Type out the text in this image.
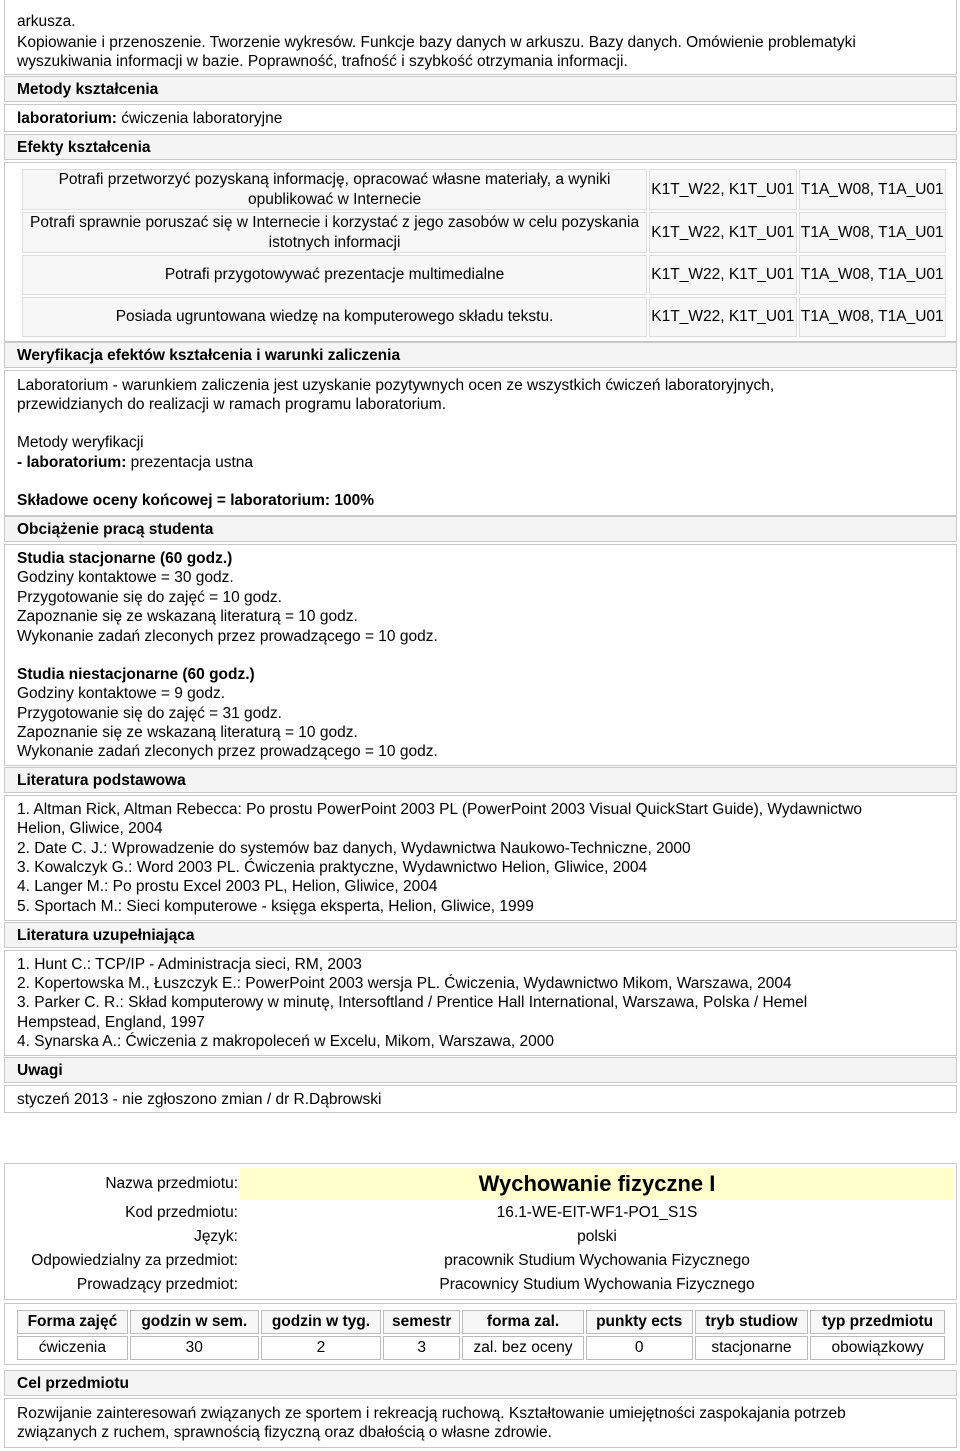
arkusza.
Kopiowanie i przenoszenie. Tworzenie wykresów. Funkcje bazy danych w arkuszu. Bazy danych. Omówienie problematyki
wyszukiwania informacji w bazie. Poprawność, trafność i szybkość otrzymania informacji.
Metody kształcenia
laboratorium: ćwiczenia laboratoryjne
Efekty kształcenia
Potrafi przetworzyć pozyskaną informację, opracować własne materiały, a wyniki opublikować w Internecie	K1T_W22, K1T_U01	T1A_W08, T1A_U01
Potrafi sprawnie poruszać się w Internecie i korzystać z jego zasobów w celu pozyskania istotnych informacji	K1T_W22, K1T_U01	T1A_W08, T1A_U01
Potrafi przygotowywać prezentacje multimedialne	K1T_W22, K1T_U01	T1A_W08, T1A_U01
Posiada ugruntowana wiedzę na komputerowego składu tekstu.	K1T_W22, K1T_U01	T1A_W08, T1A_U01
Weryfikacja efektów kształcenia i warunki zaliczenia
Laboratorium - warunkiem zaliczenia jest uzyskanie pozytywnych ocen ze wszystkich ćwiczeń laboratoryjnych,
przewidzianych do realizacji w ramach programu laboratorium.
Metody weryfikacji
- laboratorium: prezentacja ustna
Składowe oceny końcowej = laboratorium: 100%
Obciążenie pracą studenta
Studia stacjonarne (60 godz.)
Godziny kontaktowe = 30 godz.
Przygotowanie się do zajęć = 10 godz.
Zapoznanie się ze wskazaną literaturą = 10 godz.
Wykonanie zadań zleconych przez prowadzącego = 10 godz.
Studia niestacjonarne (60 godz.)
Godziny kontaktowe = 9 godz.
Przygotowanie się do zajęć = 31 godz.
Zapoznanie się ze wskazaną literaturą = 10 godz.
Wykonanie zadań zleconych przez prowadzącego = 10 godz.
Literatura podstawowa
1. Altman Rick, Altman Rebecca: Po prostu PowerPoint 2003 PL (PowerPoint 2003 Visual QuickStart Guide), Wydawnictwo
Helion, Gliwice, 2004
2. Date C. J.: Wprowadzenie do systemów baz danych, Wydawnictwa Naukowo-Techniczne, 2000
3. Kowalczyk G.: Word 2003 PL. Ćwiczenia praktyczne, Wydawnictwo Helion, Gliwice, 2004
4. Langer M.: Po prostu Excel 2003 PL, Helion, Gliwice, 2004
5. Sportach M.: Sieci komputerowe - księga eksperta, Helion, Gliwice, 1999
Literatura uzupełniająca
1. Hunt C.: TCP/IP - Administracja sieci, RM, 2003
2. Kopertowska M., Łuszczyk E.: PowerPoint 2003 wersja PL. Ćwiczenia, Wydawnictwo Mikom, Warszawa, 2004
3. Parker C. R.: Skład komputerowy w minutę, Intersoftland / Prentice Hall International, Warszawa, Polska / Hemel
Hempstead, England, 1997
4. Synarska A.: Ćwiczenia z makropoleceń w Excelu, Mikom, Warszawa, 2000
Uwagi
styczeń 2013 - nie zgłoszono zmian / dr R.Dąbrowski
Nazwa przedmiotu:	Wychowanie fizyczne I
Kod przedmiotu:	16.1-WE-EIT-WF1-PO1_S1S
Język:	polski
Odpowiedzialny za przedmiot:	pracownik Studium Wychowania Fizycznego
Prowadzący przedmiot:	Pracownicy Studium Wychowania Fizycznego
Forma zajęć	godzin w sem.	godzin w tyg.	semestr	forma zal.	punkty ects	tryb studiow	typ przedmiotu
ćwiczenia	30	2	3	zal. bez oceny	0	stacjonarne	obowiązkowy
Cel przedmiotu
Rozwijanie zainteresowań związanych ze sportem i rekreacją ruchową. Kształtowanie umiejętności zaspokajania potrzeb
związanych z ruchem, sprawnością fizyczną oraz dbałością o własne zdrowie.
